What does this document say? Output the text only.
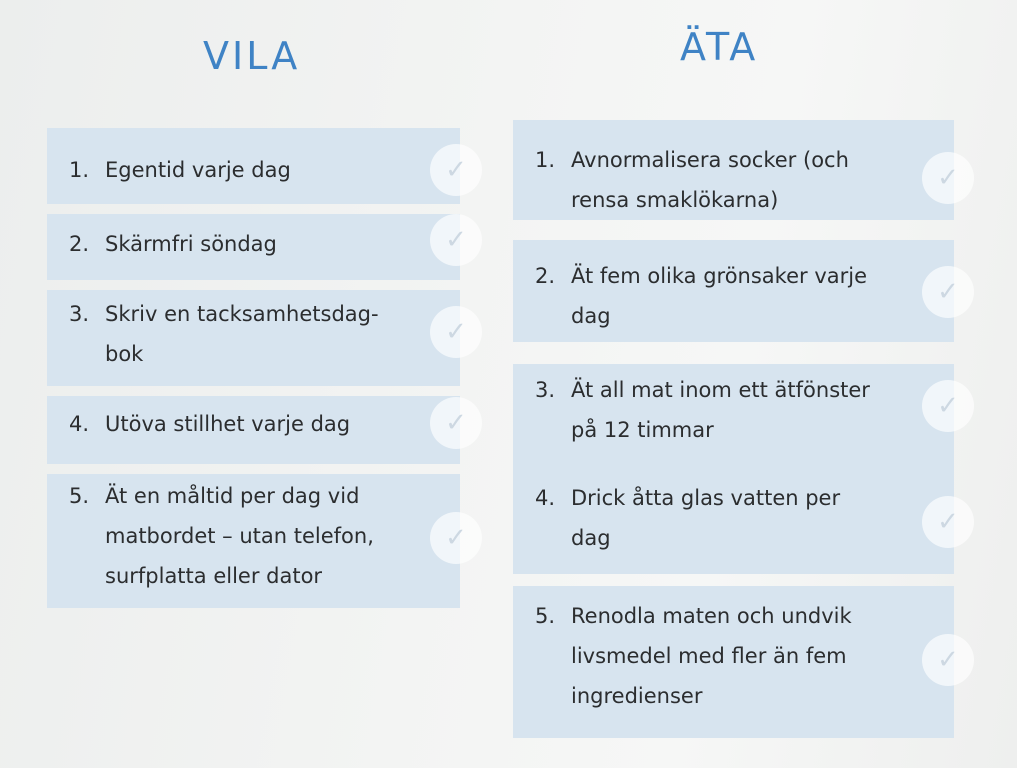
VILA	ÄTA
1. Egentid varje dag
2. Skärmfri söndag
3. Skriv en tacksamhetsdag-
bok
4. Utöva stillhet varje dag
5. Ät en måltid per dag vid
matbordet – utan telefon,
surfplatta eller dator
✓
✓
✓
✓
✓
1. Avnormalisera socker (och
rensa smaklökarna)
2. Ät fem olika grönsaker varje
dag
3. Ät all mat inom ett ätfönster
på 12 timmar
4. Drick åtta glas vatten per
dag
5. Renodla maten och undvik
livsmedel med fler än fem
ingredienser
✓
✓
✓
✓
✓
